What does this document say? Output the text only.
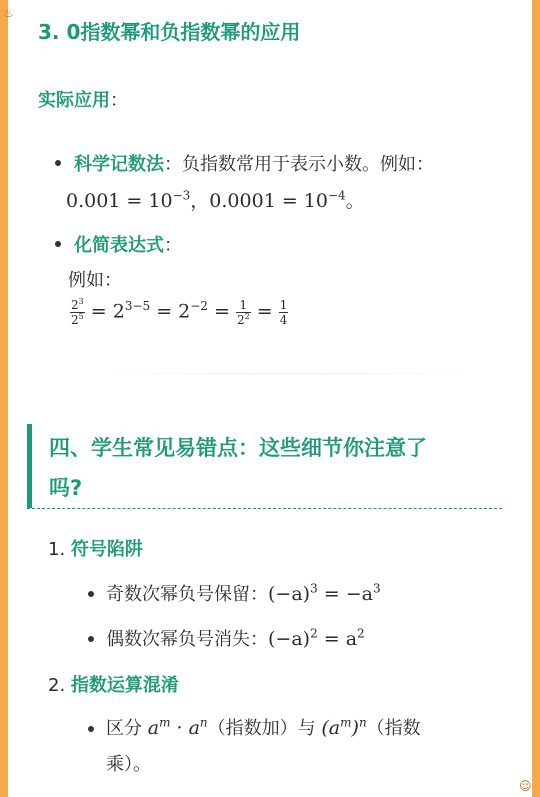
3. 0指数幂和负指数幂的应用
实际应用：
科学记数法：负指数常用于表示小数。例如：
$0.001 = 10^{-3}$，$0.0001 = 10^{-4}$。
化简表达式：
例如：
$\frac{2^3}{2^5} = 2^{3-5} = 2^{-2} = \frac{1}{2^2} = \frac{1}{4}$
四、学生常见易错点：这些细节你注意了
吗?
1. 符号陷阱
奇数次幂负号保留：$(-a)^3 = -a^3$
偶数次幂负号消失：$(-a)^2 = a^2$
2. 指数运算混淆
区分 $a^m \cdot a^n$（指数加）与 $(a^m)^n$（指数
乘）。
♨
☺
